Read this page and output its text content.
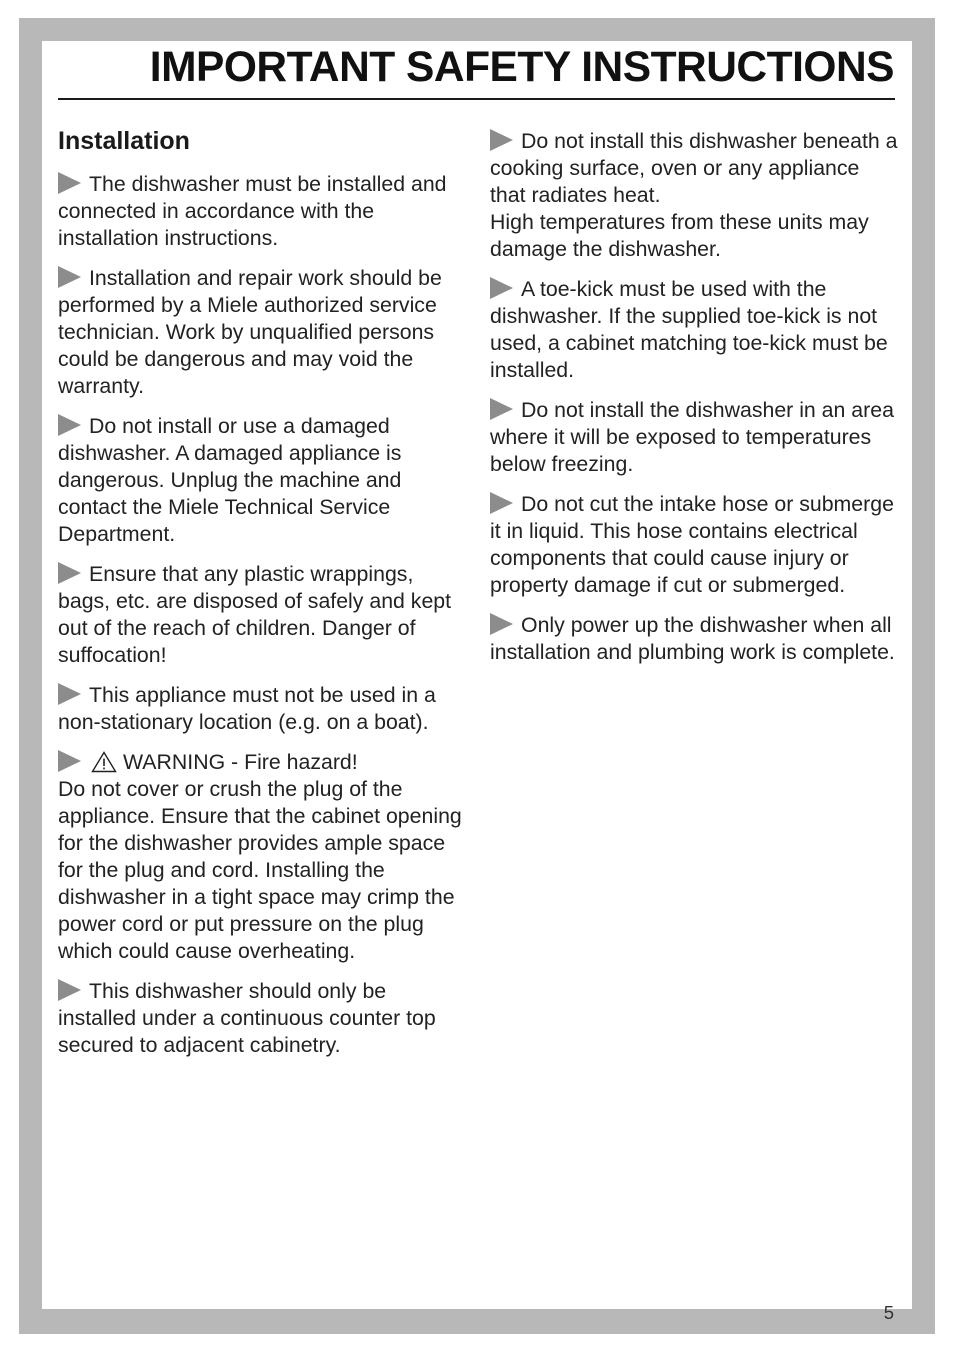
IMPORTANT SAFETY INSTRUCTIONS
Installation

The dishwasher must be installed and connected in accordance with the installation instructions.

Installation and repair work should be performed by a Miele authorized service technician. Work by unqualified persons could be dangerous and may void the warranty.

Do not install or use a damaged dishwasher. A damaged appliance is dangerous. Unplug the machine and contact the Miele Technical Service Department.

Ensure that any plastic wrappings, bags, etc. are disposed of safely and kept out of the reach of children. Danger of suffocation!

This appliance must not be used in a non-stationary location (e.g. on a boat).

WARNING - Fire hazard!
Do not cover or crush the plug of the appliance. Ensure that the cabinet opening for the dishwasher provides ample space for the plug and cord. Installing the dishwasher in a tight space may crimp the power cord or put pressure on the plug which could cause overheating.

This dishwasher should only be installed under a continuous counter top secured to adjacent cabinetry.

Do not install this dishwasher beneath a cooking surface, oven or any appliance that radiates heat.
High temperatures from these units may damage the dishwasher.

A toe-kick must be used with the dishwasher. If the supplied toe-kick is not used, a cabinet matching toe-kick must be installed.

Do not install the dishwasher in an area where it will be exposed to temperatures below freezing.

Do not cut the intake hose or submerge it in liquid. This hose contains electrical components that could cause injury or property damage if cut or submerged.

Only power up the dishwasher when all installation and plumbing work is complete.

5
